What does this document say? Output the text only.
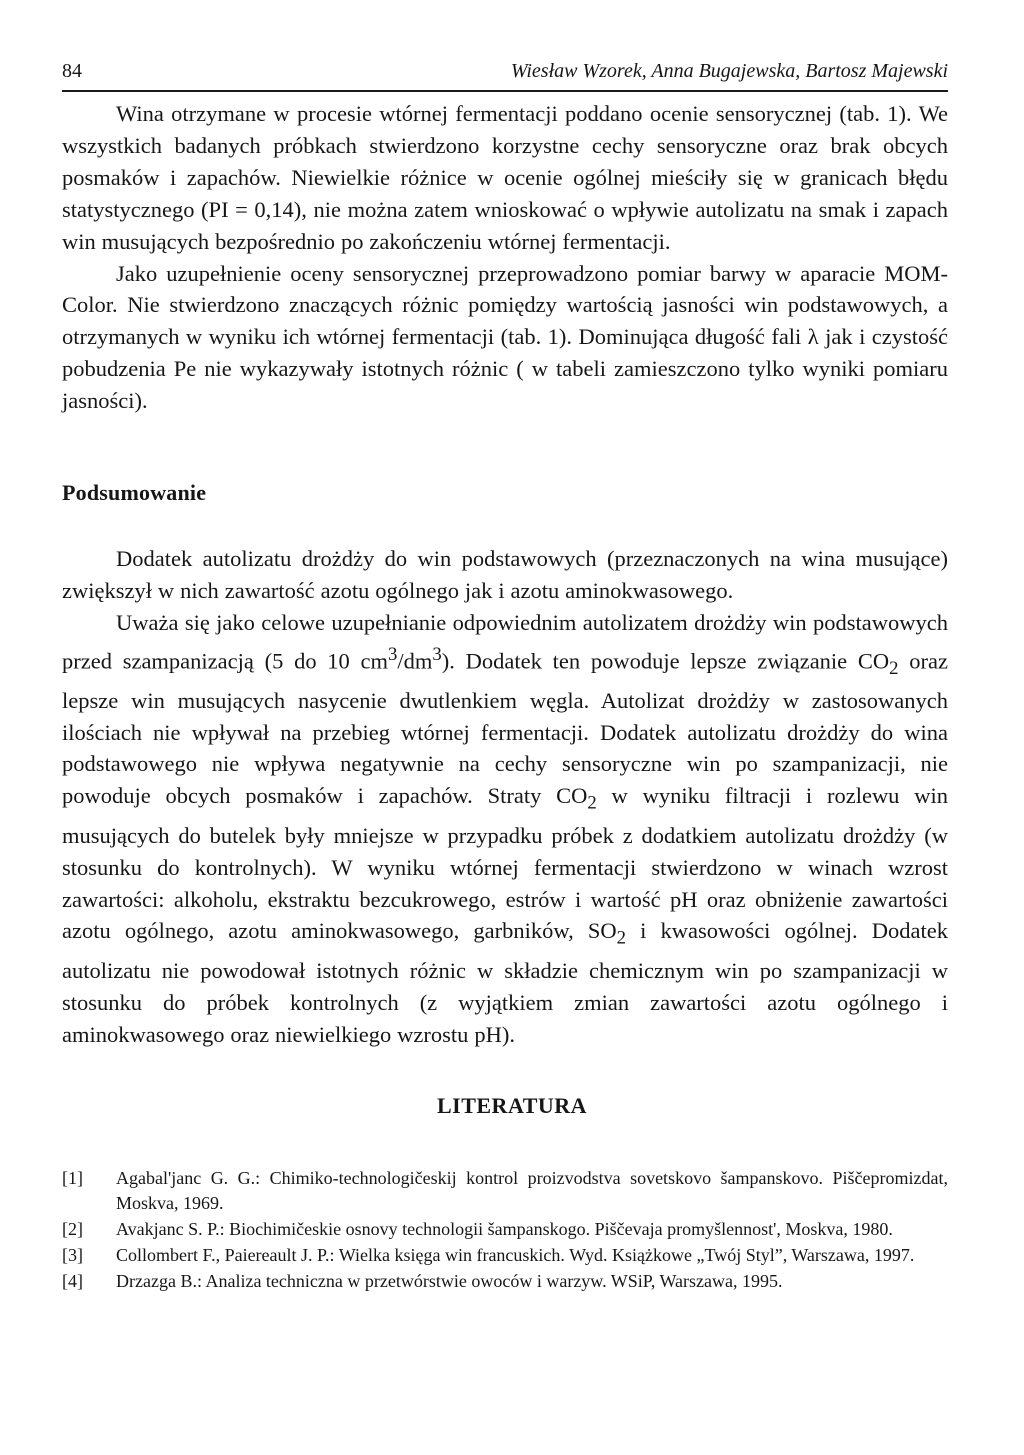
84	Wiesław Wzorek, Anna Bugajewska, Bartosz Majewski

Wina otrzymane w procesie wtórnej fermentacji poddano ocenie sensorycznej (tab. 1). We wszystkich badanych próbkach stwierdzono korzystne cechy sensoryczne oraz brak obcych posmaków i zapachów. Niewielkie różnice w ocenie ogólnej mieściły się w granicach błędu statystycznego (PI = 0,14), nie można zatem wnioskować o wpływie autolizatu na smak i zapach win musujących bezpośrednio po zakończeniu wtórnej fermentacji.

Jako uzupełnienie oceny sensorycznej przeprowadzono pomiar barwy w aparacie MOM-Color. Nie stwierdzono znaczących różnic pomiędzy wartością jasności win podstawowych, a otrzymanych w wyniku ich wtórnej fermentacji (tab. 1). Dominująca długość fali λ jak i czystość pobudzenia Pe nie wykazywały istotnych różnic ( w tabeli zamieszczono tylko wyniki pomiaru jasności).

Podsumowanie

Dodatek autolizatu drożdży do win podstawowych (przeznaczonych na wina musujące) zwiększył w nich zawartość azotu ogólnego jak i azotu aminokwasowego.

Uważa się jako celowe uzupełnianie odpowiednim autolizatem drożdży win podstawowych przed szampanizacją (5 do 10 $cm^3/dm^3$). Dodatek ten powoduje lepsze związanie $CO_2$ oraz lepsze win musujących nasycenie dwutlenkiem węgla. Autolizat drożdży w zastosowanych ilościach nie wpływał na przebieg wtórnej fermentacji. Dodatek autolizatu drożdży do wina podstawowego nie wpływa negatywnie na cechy sensoryczne win po szampanizacji, nie powoduje obcych posmaków i zapachów. Straty $CO_2$ w wyniku filtracji i rozlewu win musujących do butelek były mniejsze w przypadku próbek z dodatkiem autolizatu drożdży (w stosunku do kontrolnych). W wyniku wtórnej fermentacji stwierdzono w winach wzrost zawartości: alkoholu, ekstraktu bezcukrowego, estrów i wartość pH oraz obniżenie zawartości azotu ogólnego, azotu aminokwasowego, garbników, $SO_2$ i kwasowości ogólnej. Dodatek autolizatu nie powodował istotnych różnic w składzie chemicznym win po szampanizacji w stosunku do próbek kontrolnych (z wyjątkiem zmian zawartości azotu ogólnego i aminokwasowego oraz niewielkiego wzrostu pH).

LITERATURA
[1] Agabal'janc G. G.: Chimiko-technologičeskij kontrol proizvodstva sovetskovo šampanskovo. Piščepromizdat, Moskva, 1969.
[2] Avakjanc S. P.: Biochimičeskie osnovy technologii šampanskogo. Piščevaja promyšlennost', Moskva, 1980.
[3] Collombert F., Paiereault J. P.: Wielka księga win francuskich. Wyd. Książkowe „Twój Styl”, Warszawa, 1997.
[4] Drzazga B.: Analiza techniczna w przetwórstwie owoców i warzyw. WSiP, Warszawa, 1995.
